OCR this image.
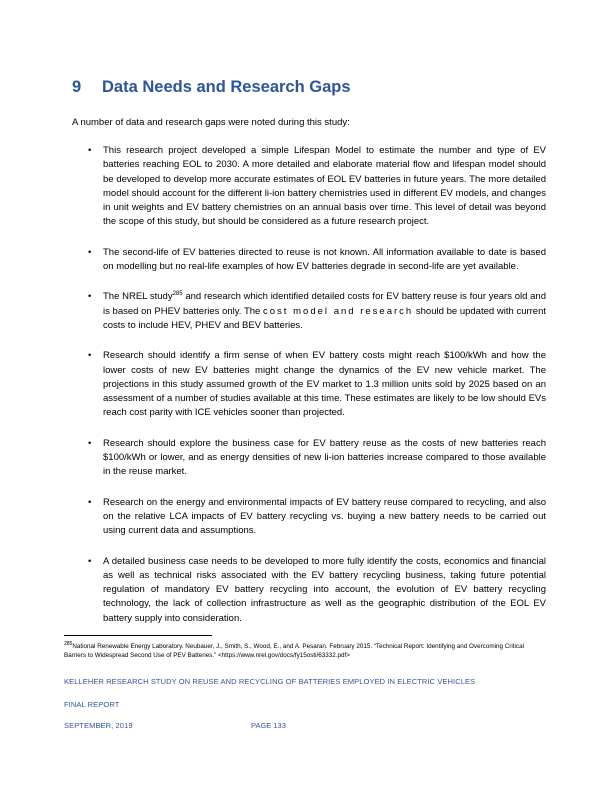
9 Data Needs and Research Gaps

A number of data and research gaps were noted during this study:

• This research project developed a simple Lifespan Model to estimate the number and type of EV batteries reaching EOL to 2030. A more detailed and elaborate material flow and lifespan model should be developed to develop more accurate estimates of EOL EV batteries in future years. The more detailed model should account for the different li-ion battery chemistries used in different EV models, and changes in unit weights and EV battery chemistries on an annual basis over time. This level of detail was beyond the scope of this study, but should be considered as a future research project.
• The second-life of EV batteries directed to reuse is not known. All information available to date is based on modelling but no real-life examples of how EV batteries degrade in second-life are yet available.
• The NREL study$^{285}$ and research which identified detailed costs for EV battery reuse is four years old and is based on PHEV batteries only. The cost model and research should be updated with current costs to include HEV, PHEV and BEV batteries.
• Research should identify a firm sense of when EV battery costs might reach $100/kWh and how the lower costs of new EV batteries might change the dynamics of the EV new vehicle market. The projections in this study assumed growth of the EV market to 1.3 million units sold by 2025 based on an assessment of a number of studies available at this time. These estimates are likely to be low should EVs reach cost parity with ICE vehicles sooner than projected.
• Research should explore the business case for EV battery reuse as the costs of new batteries reach $100/kWh or lower, and as energy densities of new li-ion batteries increase compared to those available in the reuse market.
• Research on the energy and environmental impacts of EV battery reuse compared to recycling, and also on the relative LCA impacts of EV battery recycling vs. buying a new battery needs to be carried out using current data and assumptions.
• A detailed business case needs to be developed to more fully identify the costs, economics and financial as well as technical risks associated with the EV battery recycling business, taking future potential regulation of mandatory EV battery recycling into account, the evolution of EV battery recycling technology, the lack of collection infrastructure as well as the geographic distribution of the EOL EV battery supply into consideration.

$^{285}$National Renewable Energy Laboratory. Neubauer, J., Smith, S., Wood, E., and A. Pesaran. February 2015. “Technical Report: Identifying and Overcoming Critical Barriers to Widespread Second Use of PEV Batteries.” <https://www.nrel.gov/docs/fy15osti/63332.pdf>

KELLEHER RESEARCH STUDY ON REUSE AND RECYCLING OF BATTERIES EMPLOYED IN ELECTRIC VEHICLES

FINAL REPORT

SEPTEMBER, 2019	PAGE 133
